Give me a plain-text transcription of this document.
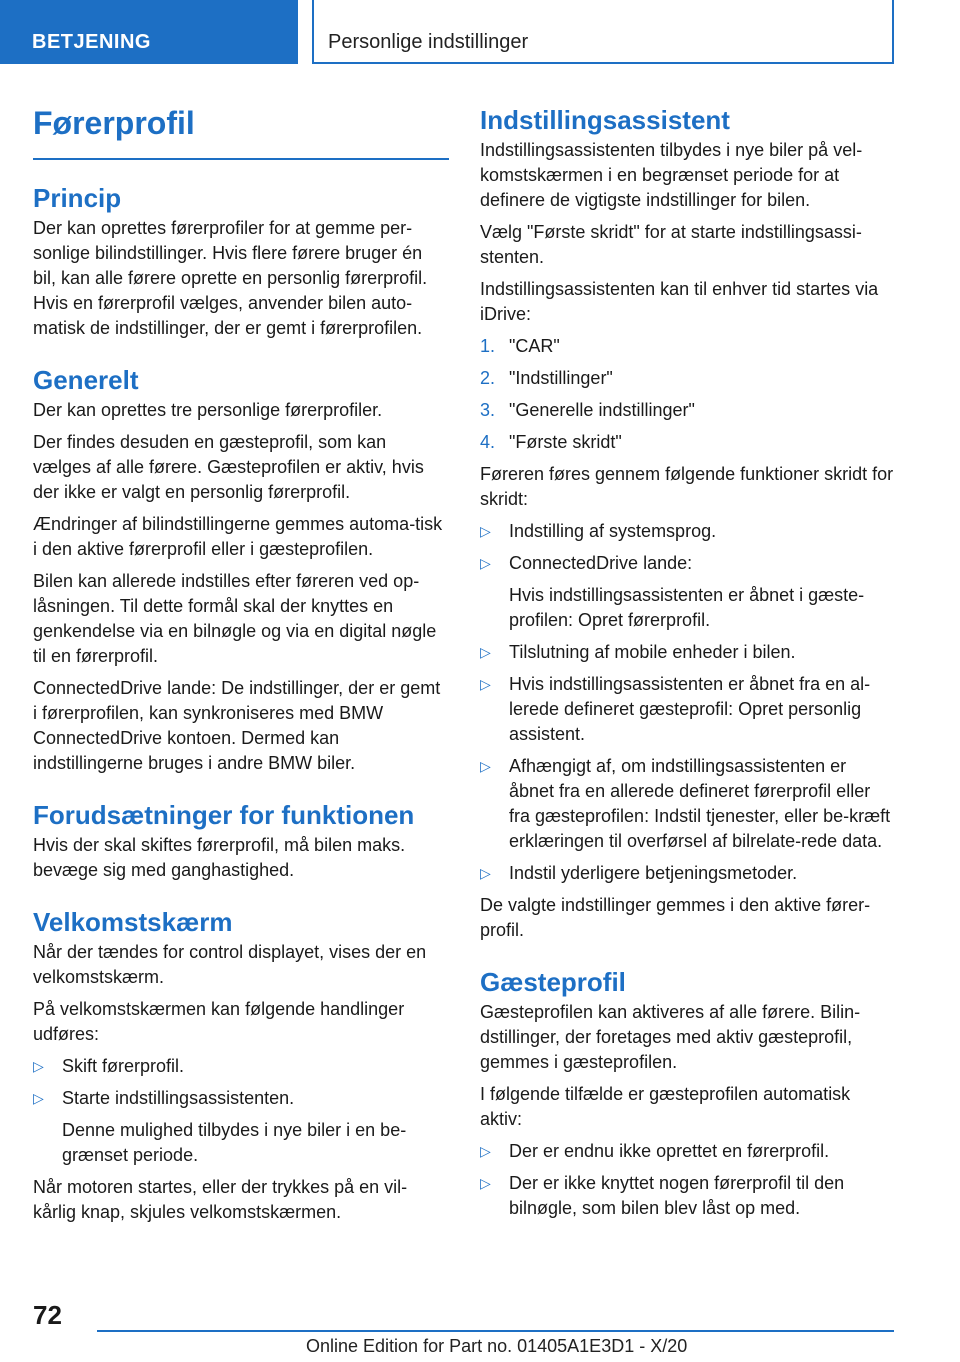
BETJENING	Personlige indstillinger
Førerprofil
Princip

Der kan oprettes førerprofiler for at gemme per-sonlige bilindstillinger. Hvis flere førere bruger én bil, kan alle førere oprette en personlig førerprofil. Hvis en førerprofil vælges, anvender bilen auto-matisk de indstillinger, der er gemt i førerprofilen.

Generelt

Der kan oprettes tre personlige førerprofiler.

Der findes desuden en gæsteprofil, som kan vælges af alle førere. Gæsteprofilen er aktiv, hvis der ikke er valgt en personlig førerprofil.

Ændringer af bilindstillingerne gemmes automa-tisk i den aktive førerprofil eller i gæsteprofilen.

Bilen kan allerede indstilles efter føreren ved op-låsningen. Til dette formål skal der knyttes en genkendelse via en bilnøgle og via en digital nøgle til en førerprofil.

ConnectedDrive lande: De indstillinger, der er gemt i førerprofilen, kan synkroniseres med BMW ConnectedDrive kontoen. Dermed kan indstillingerne bruges i andre BMW biler.

Forudsætninger for funktionen

Hvis der skal skiftes førerprofil, må bilen maks. bevæge sig med ganghastighed.

Velkomstskærm

Når der tændes for control displayet, vises der en velkomstskærm.

På velkomstskærmen kan følgende handlinger udføres:

▷ Skift førerprofil.
▷ Starte indstillingsassistenten.
Denne mulighed tilbydes i nye biler i en be-grænset periode.

Når motoren startes, eller der trykkes på en vil-kårlig knap, skjules velkomstskærmen.

Indstillingsassistent

Indstillingsassistenten tilbydes i nye biler på vel-komstskærmen i en begrænset periode for at definere de vigtigste indstillinger for bilen.

Vælg "Første skridt" for at starte indstillingsassi-stenten.

Indstillingsassistenten kan til enhver tid startes via iDrive:

1. "CAR"
2. "Indstillinger"
3. "Generelle indstillinger"
4. "Første skridt"

Føreren føres gennem følgende funktioner skridt for skridt:

▷ Indstilling af systemsprog.
▷ ConnectedDrive lande:
Hvis indstillingsassistenten er åbnet i gæste-profilen: Opret førerprofil.
▷ Tilslutning af mobile enheder i bilen.
▷ Hvis indstillingsassistenten er åbnet fra en al-lerede defineret gæsteprofil: Opret personlig assistent.
▷ Afhængigt af, om indstillingsassistenten er åbnet fra en allerede defineret førerprofil eller fra gæsteprofilen: Indstil tjenester, eller be-kræft erklæringen til overførsel af bilrelate-rede data.
▷ Indstil yderligere betjeningsmetoder.

De valgte indstillinger gemmes i den aktive fører-profil.

Gæsteprofil

Gæsteprofilen kan aktiveres af alle førere. Bilin-dstillinger, der foretages med aktiv gæsteprofil, gemmes i gæsteprofilen.

I følgende tilfælde er gæsteprofilen automatisk aktiv:

▷ Der er endnu ikke oprettet en førerprofil.
▷ Der er ikke knyttet nogen førerprofil til den bilnøgle, som bilen blev låst op med.
72
Online Edition for Part no. 01405A1E3D1 - X/20
